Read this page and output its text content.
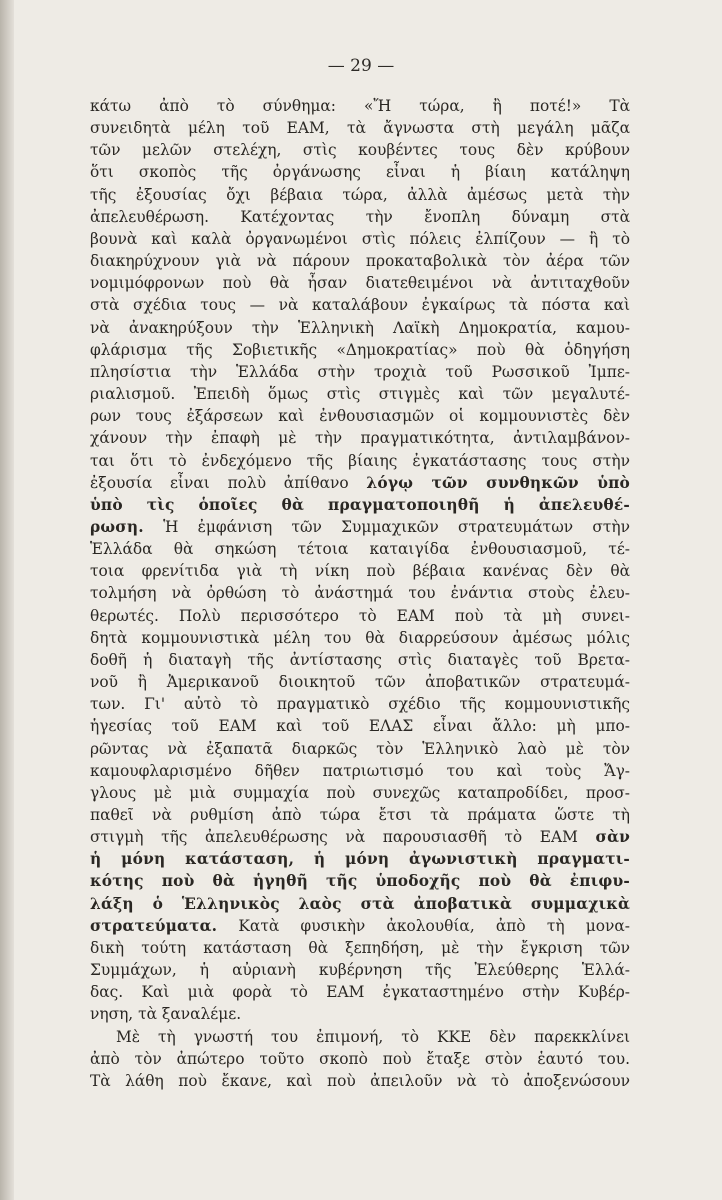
— 29 —
κάτω ἀπὸ τὸ σύνθημα: «Ἤ τώρα, ἢ ποτέ!» Τὰ
συνειδητὰ μέλη τοῦ ΕΑΜ, τὰ ἄγνωστα στὴ μεγάλη μᾶζα
τῶν μελῶν στελέχη, στὶς κουβέντες τους δὲν κρύβουν
ὅτι σκοπὸς τῆς ὀργάνωσης εἶναι ἡ βίαιη κατάληψη
τῆς ἐξουσίας ὄχι βέβαια τώρα, ἀλλὰ ἀμέσως μετὰ τὴν
ἀπελευθέρωση. Κατέχοντας τὴν ἔνοπλη δύναμη στὰ
βουνὰ καὶ καλὰ ὀργανωμένοι στὶς πόλεις ἐλπίζουν — ἢ τὸ
διακηρύχνουν γιὰ νὰ πάρουν προκαταβολικὰ τὸν ἀέρα τῶν
νομιμόφρονων ποὺ θὰ ἦσαν διατεθειμένοι νὰ ἀντιταχθοῦν
στὰ σχέδια τους — νὰ καταλάβουν ἐγκαίρως τὰ πόστα καὶ
νὰ ἀνακηρύξουν τὴν Ἑλληνικὴ Λαϊκὴ Δημοκρατία, καμου-
φλάρισμα τῆς Σοβιετικῆς «Δημοκρατίας» ποὺ θὰ ὁδηγήση
πλησίστια τὴν Ἑλλάδα στὴν τροχιὰ τοῦ Ρωσσικοῦ Ἰμπε-
ριαλισμοῦ. Ἐπειδὴ ὅμως στὶς στιγμὲς καὶ τῶν μεγαλυτέ-
ρων τους ἐξάρσεων καὶ ἐνθουσιασμῶν οἱ κομμουνιστὲς δὲν
χάνουν τὴν ἐπαφὴ μὲ τὴν πραγματικότητα, ἀντιλαμβάνον-
ται ὅτι τὸ ἐνδεχόμενο τῆς βίαιης ἐγκατάστασης τους στὴν
ἐξουσία εἶναι πολὺ ἀπίθανο λόγῳ τῶν συνθηκῶν ὑπὸ
ὑπὸ τὶς ὁποῖες θὰ πραγματοποιηθῆ ἡ ἀπελευθέ-
ρωση. Ἡ ἐμφάνιση τῶν Συμμαχικῶν στρατευμάτων στὴν
Ἑλλάδα θὰ σηκώση τέτοια καταιγίδα ἐνθουσιασμοῦ, τέ-
τοια φρενίτιδα γιὰ τὴ νίκη ποὺ βέβαια κανένας δὲν θὰ
τολμήση νὰ ὀρθώση τὸ ἀνάστημά του ἐνάντια στοὺς ἐλευ-
θερωτές. Πολὺ περισσότερο τὸ ΕΑΜ ποὺ τὰ μὴ συνει-
δητὰ κομμουνιστικὰ μέλη του θὰ διαρρεύσουν ἀμέσως μόλις
δοθῆ ἡ διαταγὴ τῆς ἀντίστασης στὶς διαταγὲς τοῦ Βρετα-
νοῦ ἢ Ἀμερικανοῦ διοικητοῦ τῶν ἀποβατικῶν στρατευμά-
των. Γι' αὐτὸ τὸ πραγματικὸ σχέδιο τῆς κομμουνιστικῆς
ἡγεσίας τοῦ ΕΑΜ καὶ τοῦ ΕΛΑΣ εἶναι ἄλλο: μὴ μπο-
ρῶντας νὰ ἐξαπατᾶ διαρκῶς τὸν Ἑλληνικὸ λαὸ μὲ τὸν
καμουφλαρισμένο δῆθεν πατριωτισμό του καὶ τοὺς Ἄγ-
γλους μὲ μιὰ συμμαχία ποὺ συνεχῶς καταπροδίδει, προσ-
παθεῖ νὰ ρυθμίση ἀπὸ τώρα ἔτσι τὰ πράματα ὥστε τὴ
στιγμὴ τῆς ἀπελευθέρωσης νὰ παρουσιασθῆ τὸ ΕΑΜ σὰν
ἡ μόνη κατάσταση, ἡ μόνη ἀγωνιστικὴ πραγματι-
κότης ποὺ θὰ ἡγηθῆ τῆς ὑποδοχῆς ποὺ θὰ ἐπιφυ-
λάξη ὁ Ἑλληνικὸς λαὸς στὰ ἀποβατικὰ συμμαχικὰ
στρατεύματα. Κατὰ φυσικὴν ἀκολουθία, ἀπὸ τὴ μονα-
δικὴ τούτη κατάσταση θὰ ξεπηδήση, μὲ τὴν ἔγκριση τῶν
Συμμάχων, ἡ αὐριανὴ κυβέρνηση τῆς Ἐλεύθερης Ἑλλά-
δας. Καὶ μιὰ φορὰ τὸ ΕΑΜ ἐγκαταστημένο στὴν Κυβέρ-
νηση, τὰ ξαναλέμε.
Μὲ τὴ γνωστή του ἐπιμονή, τὸ ΚΚΕ δὲν παρεκκλίνει
ἀπὸ τὸν ἀπώτερο τοῦτο σκοπὸ ποὺ ἔταξε στὸν ἑαυτό του.
Τὰ λάθη ποὺ ἔκανε, καὶ ποὺ ἀπειλοῦν νὰ τὸ ἀποξενώσουν
